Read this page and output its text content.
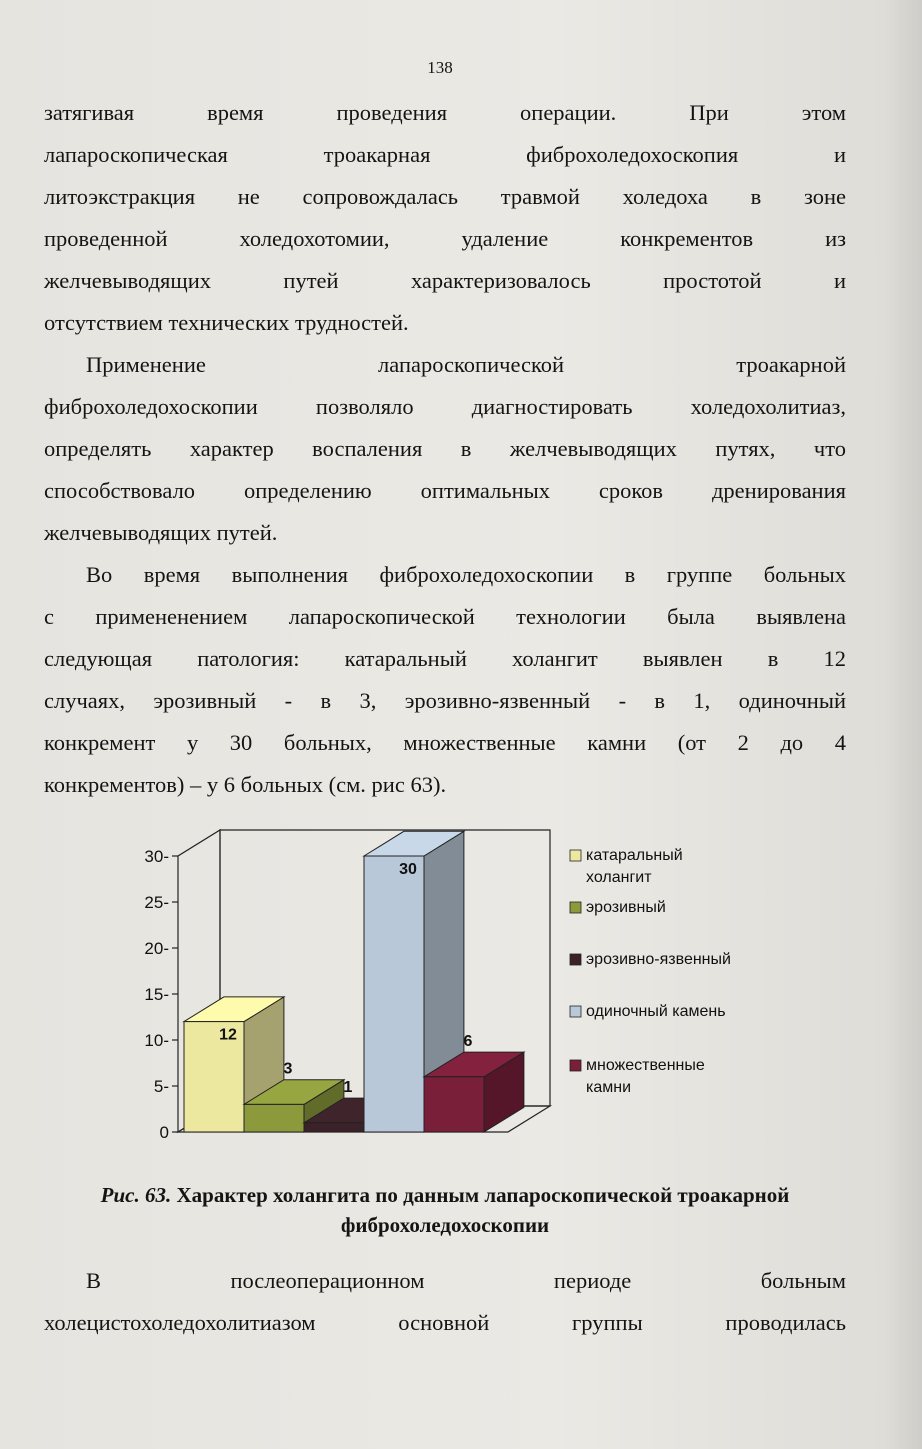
138
затягивая время проведения операции. При этом
лапароскопическая троакарная фиброхоледохоскопия и
литоэкстракция не сопровождалась травмой холедоха в зоне
проведенной холедохотомии, удаление конкрементов из
желчевыводящих путей характеризовалось простотой и
отсутствием технических трудностей.
Применение лапароскопической троакарной
фиброхоледохоскопии позволяло диагностировать холедохолитиаз,
определять характер воспаления в желчевыводящих путях, что
способствовало определению оптимальных сроков дренирования
желчевыводящих путей.
Во время выполнения фиброхоледохоскопии в группе больных
с примененением лапароскопической технологии была выявлена
следующая патология: катаральный холангит выявлен в 12
случаях, эрозивный - в 3, эрозивно-язвенный - в 1, одиночный
конкремент у 30 больных, множественные камни (от 2 до 4
конкрементов) – у 6 больных (см. рис 63).
0
5-
10-
15-
20-
25-
30-
12
3
1
30
6
катаральный холангит
эрозивный
эрозивно-язвенный
одиночный камень
множественные камни
Рис. 63. Характер холангита по данным лапароскопической троакарной фиброхоледохоскопии
В послеоперационном периоде больным
холецистохоледохолитиазом основной группы проводилась
